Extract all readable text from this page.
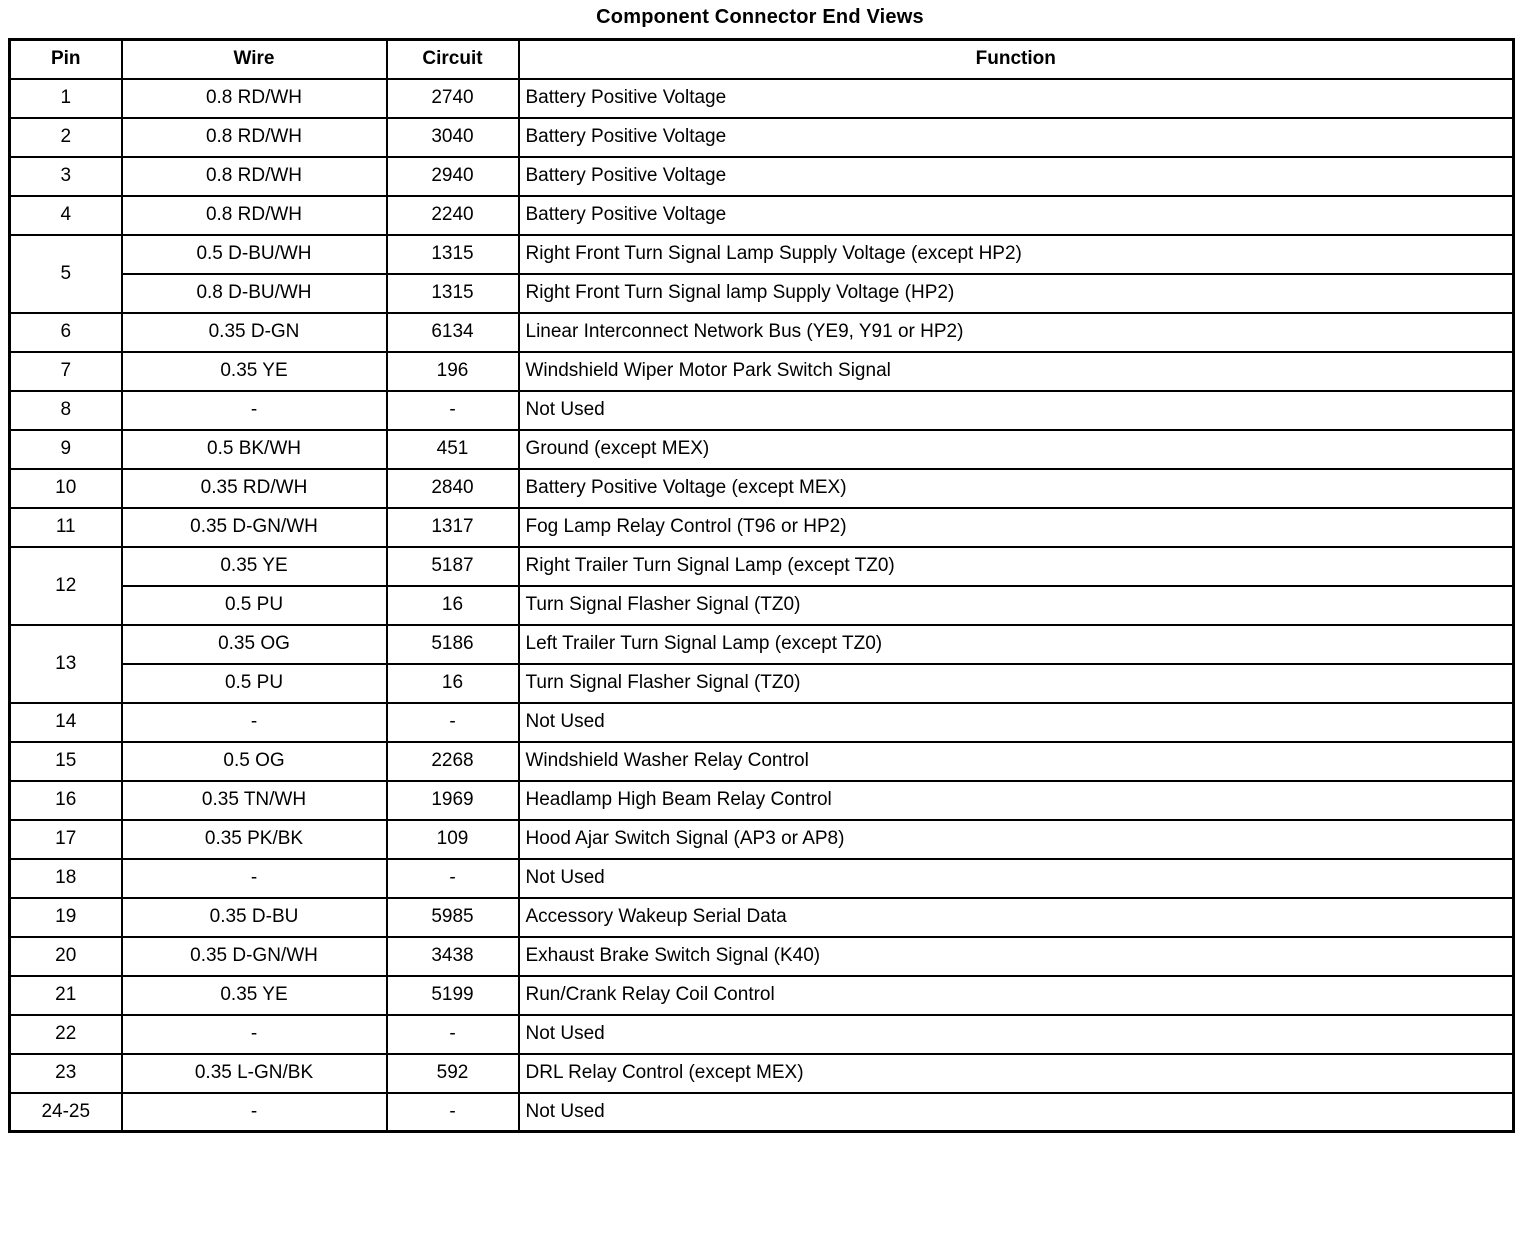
Component Connector End Views
Pin	Wire	Circuit	Function
1	0.8 RD/WH	2740	Battery Positive Voltage
2	0.8 RD/WH	3040	Battery Positive Voltage
3	0.8 RD/WH	2940	Battery Positive Voltage
4	0.8 RD/WH	2240	Battery Positive Voltage
5	0.5 D-BU/WH	1315	Right Front Turn Signal Lamp Supply Voltage (except HP2)
	0.8 D-BU/WH	1315	Right Front Turn Signal lamp Supply Voltage (HP2)
6	0.35 D-GN	6134	Linear Interconnect Network Bus (YE9, Y91 or HP2)
7	0.35 YE	196	Windshield Wiper Motor Park Switch Signal
8	-	-	Not Used
9	0.5 BK/WH	451	Ground (except MEX)
10	0.35 RD/WH	2840	Battery Positive Voltage (except MEX)
11	0.35 D-GN/WH	1317	Fog Lamp Relay Control (T96 or HP2)
12	0.35 YE	5187	Right Trailer Turn Signal Lamp (except TZ0)
	0.5 PU	16	Turn Signal Flasher Signal (TZ0)
13	0.35 OG	5186	Left Trailer Turn Signal Lamp (except TZ0)
	0.5 PU	16	Turn Signal Flasher Signal (TZ0)
14	-	-	Not Used
15	0.5 OG	2268	Windshield Washer Relay Control
16	0.35 TN/WH	1969	Headlamp High Beam Relay Control
17	0.35 PK/BK	109	Hood Ajar Switch Signal (AP3 or AP8)
18	-	-	Not Used
19	0.35 D-BU	5985	Accessory Wakeup Serial Data
20	0.35 D-GN/WH	3438	Exhaust Brake Switch Signal (K40)
21	0.35 YE	5199	Run/Crank Relay Coil Control
22	-	-	Not Used
23	0.35 L-GN/BK	592	DRL Relay Control (except MEX)
24-25	-	-	Not Used
